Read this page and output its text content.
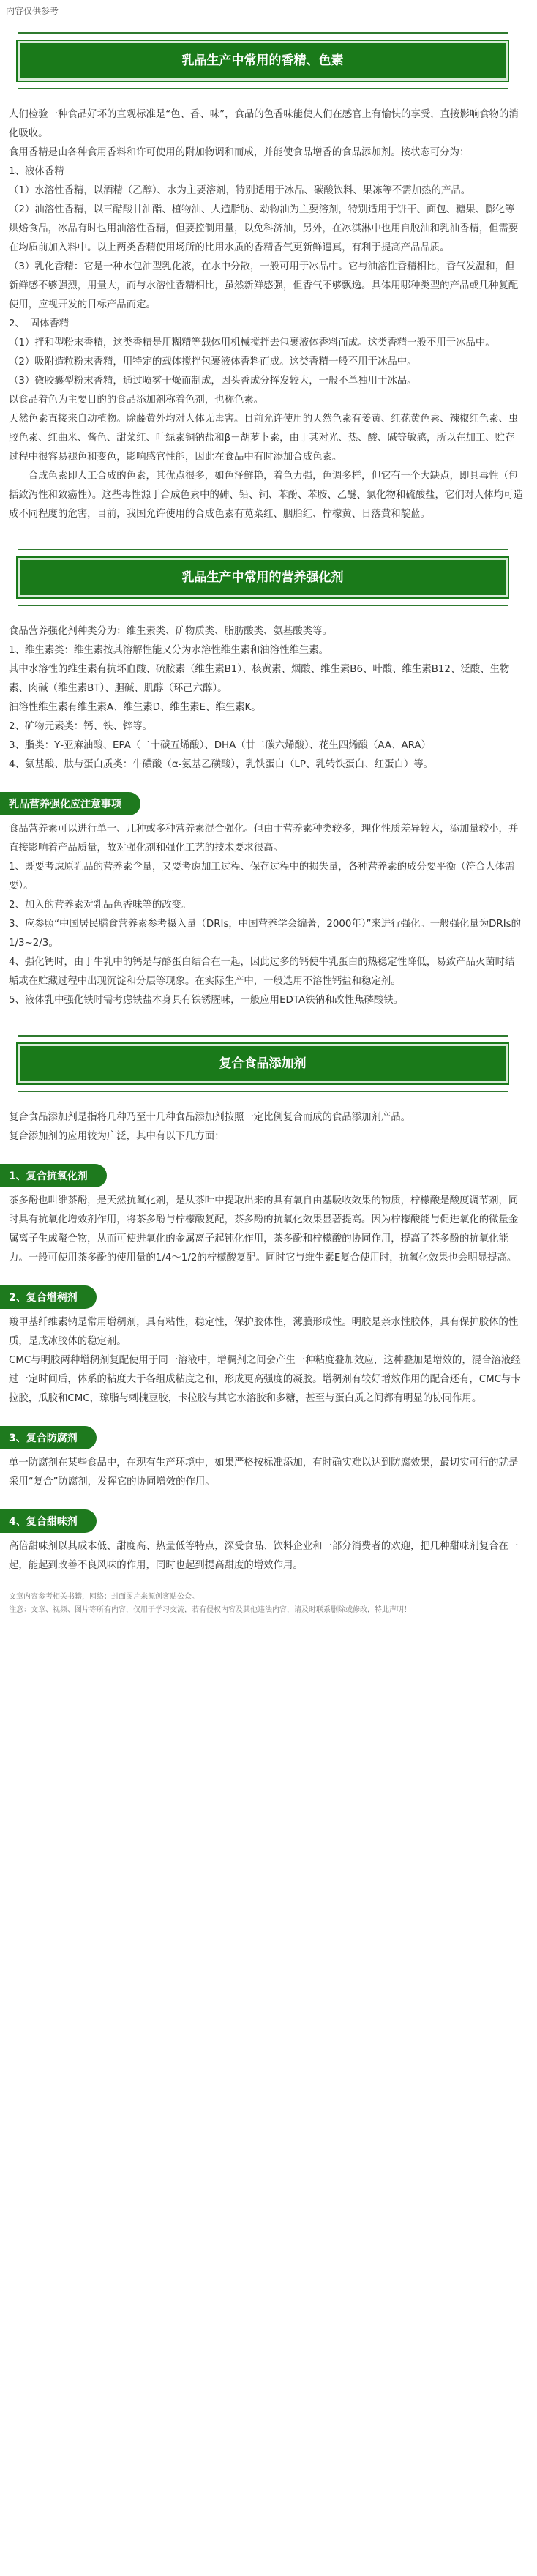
内容仅供参考
乳品生产中常用的香精、色素

人们检验一种食品好坏的直观标准是“色、香、味”，食品的色香味能使人们在感官上有愉快的享受，直接影响食物的消化吸收。

食用香精是由各种食用香料和许可使用的附加物调和而成，并能使食品增香的食品添加剂。按状态可分为：

1、液体香精

（1）水溶性香精，以酒精（乙醇）、水为主要溶剂，特别适用于冰品、碳酸饮料、果冻等不需加热的产品。

（2）油溶性香精，以三醋酸甘油酯、植物油、人造脂肪、动物油为主要溶剂，特别适用于饼干、面包、糖果、膨化等烘焙食品，冰品有时也用油溶性香精，但要控制用量，以免科济油，另外，在冰淇淋中也用自脱油和乳油香精，但需要在均质前加入料中。以上两类香精使用场所的比用水质的香精香气更新鲜逼真，有利于提高产品品质。

（3）乳化香精：它是一种水包油型乳化液，在水中分散，一般可用于冰品中。它与油溶性香精相比，香气发温和，但新鲜感不够强烈，用量大，而与水溶性香精相比，虽然新鲜感强，但香气不够飘逸。具体用哪种类型的产品或几种复配使用，应视开发的目标产品而定。

2、　固体香精

（1）拌和型粉末香精，这类香精是用糊精等载体用机械搅拌去包裹液体香料而成。这类香精一般不用于冰品中。

（2）吸附造粒粉末香精，用特定的载体搅拌包裹液体香料而成。这类香精一般不用于冰品中。

（3）微胶囊型粉末香精，通过喷雾干燥而制成，因头香成分挥发较大，一般不单独用于冰品。

以食品着色为主要目的的食品添加剂称着色剂，也称色素。

天然色素直接来自动植物。除藤黄外均对人体无毒害。目前允许使用的天然色素有姜黄、红花黄色素、辣椒红色素、虫胶色素、红曲米、酱色、甜菜红、叶绿素铜钠盐和β－胡萝卜素，由于其对光、热、酸、碱等敏感，所以在加工、贮存过程中很容易褪色和变色，影响感官性能，因此在食品中有时添加合成色素。

　　合成色素即人工合成的色素，其优点很多，如色泽鲜艳，着色力强，色调多样，但它有一个大缺点，即具毒性（包括致泻性和致癌性）。这些毒性源于合成色素中的砷、铅、铜、苯酚、苯胺、乙醚、氯化物和硫酸盐，它们对人体均可造成不同程度的危害，目前，我国允许使用的合成色素有苋菜红、胭脂红、柠檬黄、日落黄和靛蓝。

乳品生产中常用的营养强化剂

食品营养强化剂种类分为：维生素类、矿物质类、脂肪酸类、氨基酸类等。

1、维生素类：维生素按其溶解性能又分为水溶性维生素和油溶性维生素。

其中水溶性的维生素有抗坏血酸、硫胺素（维生素B1）、核黄素、烟酸、维生素B6、叶酸、维生素B12、泛酸、生物素、肉碱（维生素BT）、胆碱、肌醇（环己六醇）。

油溶性维生素有维生素A、维生素D、维生素E、维生素K。

2、矿物元素类：钙、铁、锌等。

3、脂类：Υ-亚麻油酸、EPA（二十碳五烯酸）、DHA（廿二碳六烯酸）、花生四烯酸（AA、ARA）

4、氨基酸、肽与蛋白质类：牛磺酸（α-氨基乙磺酸），乳铁蛋白（LP、乳转铁蛋白、红蛋白）等。

乳品营养强化应注意事项

食品营养素可以进行单一、几种或多种营养素混合强化。但由于营养素种类较多，理化性质差异较大，添加量较小，并直接影响着产品质量，故对强化剂和强化工艺的技术要求很高。

1、既要考虑原乳品的营养素含量，又要考虑加工过程、保存过程中的损失量，各种营养素的成分要平衡（符合人体需要）。

2、加入的营养素对乳品色香味等的改变。

3、应参照“中国居民膳食营养素参考摄入量（DRIs，中国营养学会编著，2000年）”来进行强化。一般强化量为DRIs的1/3~2/3。

4、强化钙时，由于牛乳中的钙是与酪蛋白结合在一起，因此过多的钙使牛乳蛋白的热稳定性降低，易致产品灭菌时结垢或在贮藏过程中出现沉淀和分层等现象。在实际生产中，一般选用不溶性钙盐和稳定剂。

5、液体乳中强化铁时需考虑铁盐本身具有铁锈腥味，一般应用EDTA铁钠和改性焦磷酸铁。

复合食品添加剂

复合食品添加剂是指将几种乃至十几种食品添加剂按照一定比例复合而成的食品添加剂产品。

复合添加剂的应用较为广泛，其中有以下几方面：

1、复合抗氧化剂

茶多酚也叫维茶酚，是天然抗氧化剂，是从茶叶中提取出来的具有氧自由基吸收效果的物质，柠檬酸是酸度调节剂，同时具有抗氧化增效剂作用，将茶多酚与柠檬酸复配，茶多酚的抗氧化效果显著提高。因为柠檬酸能与促进氧化的微量金属离子生成螯合物，从而可使进氧化的金属离子起钝化作用，茶多酚和柠檬酸的协同作用，提高了茶多酚的抗氧化能力。一般可使用茶多酚的使用量的1/4～1/2的柠檬酸复配。同时它与维生素E复合使用时，抗氧化效果也会明显提高。

2、复合增稠剂

羧甲基纤维素钠是常用增稠剂，具有粘性，稳定性，保护胶体性，薄膜形成性。明胶是亲水性胶体，具有保护胶体的性质，是成冰胶体的稳定剂。

CMC与明胶两种增稠剂复配使用于同一溶液中，增稠剂之间会产生一种粘度叠加效应，这种叠加是增效的，混合溶液经过一定时间后，体系的粘度大于各组成粘度之和，形成更高强度的凝胶。增稠剂有较好增效作用的配合还有，CMC与卡拉胶，瓜胶和CMC，琼脂与刺槐豆胶，卡拉胶与其它水溶胶和多糖，甚至与蛋白质之间都有明显的协同作用。

3、复合防腐剂

单一防腐剂在某些食品中，在现有生产环境中，如果严格按标准添加，有时确实难以达到防腐效果，最切实可行的就是采用“复合”防腐剂，发挥它的协同增效的作用。

4、复合甜味剂

高倍甜味剂以其成本低、甜度高、热量低等特点，深受食品、饮料企业和一部分消费者的欢迎，把几种甜味剂复合在一起，能起到改善不良风味的作用，同时也起到提高甜度的增效作用。

文章内容参考相关书籍，网络；封面图片来源创客贴公众。
注意：文章、视频、图片等所有内容，仅用于学习交流，若有侵权内容及其他违法内容，请及时联系删除或修改，特此声明！
